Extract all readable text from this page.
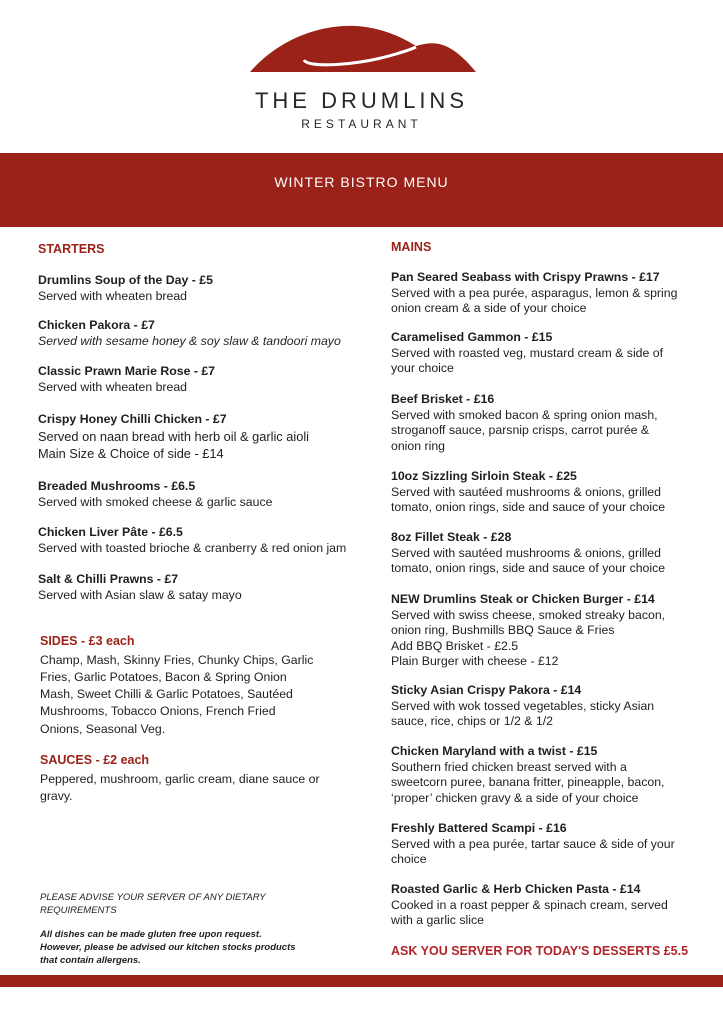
THE DRUMLINS
RESTAURANT
WINTER BISTRO MENU
STARTERS
Drumlins Soup of the Day - £5
Served with wheaten bread
Chicken Pakora - £7
Served with sesame honey & soy slaw & tandoori mayo
Classic Prawn Marie Rose - £7
Served with wheaten bread
Crispy Honey Chilli Chicken - £7
Served on naan bread with herb oil & garlic aioli
Main Size & Choice of side - £14
Breaded Mushrooms - £6.5
Served with smoked cheese & garlic sauce
Chicken Liver Pâte - £6.5
Served with toasted brioche & cranberry & red onion jam
Salt & Chilli Prawns - £7
Served with Asian slaw & satay mayo
MAINS
Pan Seared Seabass with Crispy Prawns - £17
Served with a pea purée, asparagus, lemon & spring
onion cream & a side of your choice
Caramelised Gammon - £15
Served with roasted veg, mustard cream & side of
your choice
Beef Brisket - £16
Served with smoked bacon & spring onion mash,
stroganoff sauce, parsnip crisps, carrot purée &
onion ring
10oz Sizzling Sirloin Steak - £25
Served with sautéed mushrooms & onions, grilled
tomato, onion rings, side and sauce of your choice
8oz Fillet Steak - £28
Served with sautéed mushrooms & onions, grilled
tomato, onion rings, side and sauce of your choice
NEW Drumlins Steak or Chicken Burger - £14
Served with swiss cheese, smoked streaky bacon,
onion ring, Bushmills BBQ Sauce & Fries
Add BBQ Brisket - £2.5
Plain Burger with cheese - £12
Sticky Asian Crispy Pakora - £14
Served with wok tossed vegetables, sticky Asian
sauce, rice, chips or 1/2 & 1/2
Chicken Maryland with a twist - £15
Southern fried chicken breast served with a
sweetcorn puree, banana fritter, pineapple, bacon,
‘proper’ chicken gravy & a side of your choice
Freshly Battered Scampi - £16
Served with a pea purée, tartar sauce & side of your
choice
Roasted Garlic & Herb Chicken Pasta - £14
Cooked in a roast pepper & spinach cream, served
with a garlic slice
ASK YOU SERVER FOR TODAY'S DESSERTS £5.5
SIDES - £3 each
Champ, Mash, Skinny Fries, Chunky Chips, Garlic
Fries, Garlic Potatoes, Bacon & Spring Onion
Mash, Sweet Chilli & Garlic Potatoes, Sautéed
Mushrooms, Tobacco Onions, French Fried
Onions, Seasonal Veg.
SAUCES - £2 each
Peppered, mushroom, garlic cream, diane sauce or
gravy.
PLEASE ADVISE YOUR SERVER OF ANY DIETARY
REQUIREMENTS
All dishes can be made gluten free upon request.
However, please be advised our kitchen stocks products
that contain allergens.
